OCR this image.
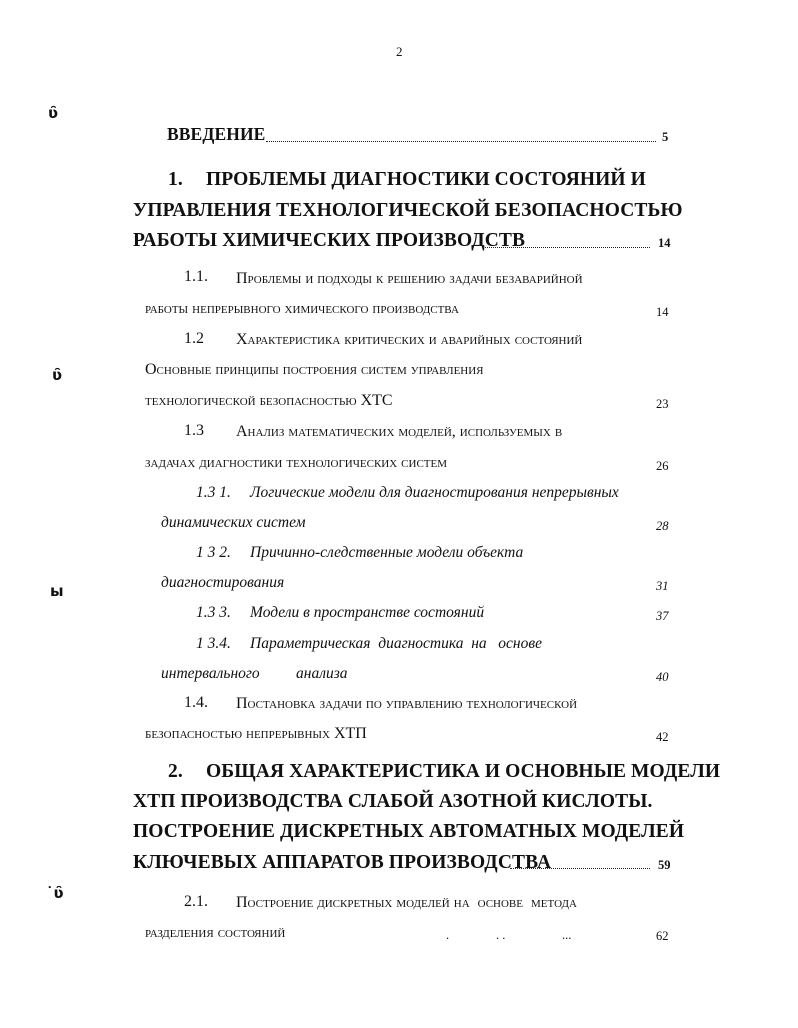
2
ʋ̑
ʋ̑
ы
˙ʋ̑
ВВЕДЕНИЕ	5
1. ПРОБЛЕМЫ ДИАГНОСТИКИ СОСТОЯНИЙ И
УПРАВЛЕНИЯ ТЕХНОЛОГИЧЕСКОЙ БЕЗОПАСНОСТЬЮ
РАБОТЫ ХИМИЧЕСКИХ ПРОИЗВОДСТВ	14
1.1. Проблемы и подходы к решению задачи безаварийной
работы непрерывного химического производства	14
1.2 Характеристика критических и аварийных состояний
Основные принципы построения систем управления
технологической безопасностью ХТС	23
1.3 Анализ математических моделей, используемых в
задачах диагностики технологических систем	26
1.3 1. Логические модели для диагностирования непрерывных
динамических систем	28
1 3 2. Причинно-следственные модели объекта
диагностирования	31
1.3 3. Модели в пространстве состояний	37
1 3.4. Параметрическая  диагностика  на   основе
интервального анализа	40
1.4. Постановка задачи по управлению технологической
безопасностью непрерывных ХТП	42
2. ОБЩАЯ ХАРАКТЕРИСТИКА И ОСНОВНЫЕ МОДЕЛИ
ХТП ПРОИЗВОДСТВА СЛАБОЙ АЗОТНОЙ КИСЛОТЫ.
ПОСТРОЕНИЕ ДИСКРЕТНЫХ АВТОМАТНЫХ МОДЕЛЕЙ
КЛЮЧЕВЫХ АППАРАТОВ ПРОИЗВОДСТВА	59
2.1. Построение дискретных моделей на  основе  метода
разделения состояний	.	. .	...	62
